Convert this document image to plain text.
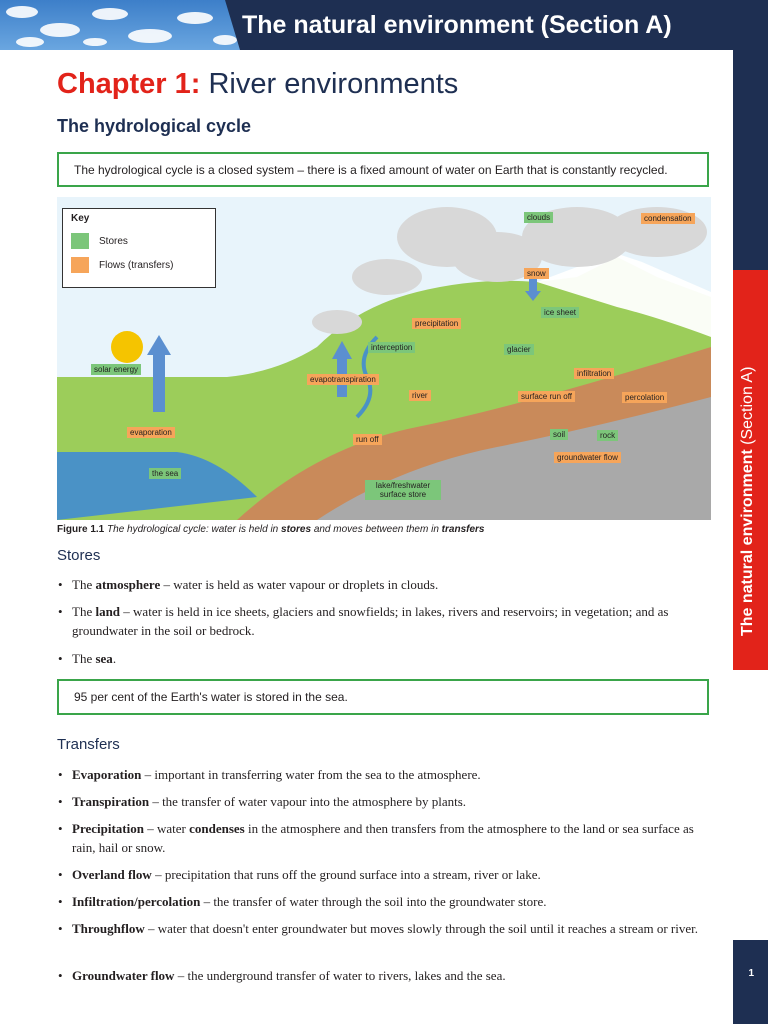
The natural environment (Section A)
The natural environment (Section A)
Chapter 1: River environments
The hydrological cycle
The hydrological cycle is a closed system – there is a fixed amount of water on Earth that is constantly recycled.
Key
Stores
Flows (transfers)
clouds	condensation
snow
ice sheet
precipitation
interception	glacier
solar energy	infiltration
evapotranspiration
river	surface run off	percolation
evaporation	soil	rock
run off
groundwater flow
the sea
lake/freshwater
surface store
Figure 1.1 The hydrological cycle: water is held in stores and moves between them in transfers
Stores
• The atmosphere – water is held as water vapour or droplets in clouds.
• The land – water is held in ice sheets, glaciers and snowfields; in lakes, rivers and reservoirs; in vegetation; and as groundwater in the soil or bedrock.
• The sea.
95 per cent of the Earth's water is stored in the sea.
Transfers
• Evaporation – important in transferring water from the sea to the atmosphere.
• Transpiration – the transfer of water vapour into the atmosphere by plants.
• Precipitation – water condenses in the atmosphere and then transfers from the atmosphere to the land or sea surface as rain, hail or snow.
• Overland flow – precipitation that runs off the ground surface into a stream, river or lake.
• Infiltration/percolation – the transfer of water through the soil into the groundwater store.
• Throughflow – water that doesn't enter groundwater but moves slowly through the soil until it reaches a stream or river.
• Groundwater flow – the underground transfer of water to rivers, lakes and the sea.	1
